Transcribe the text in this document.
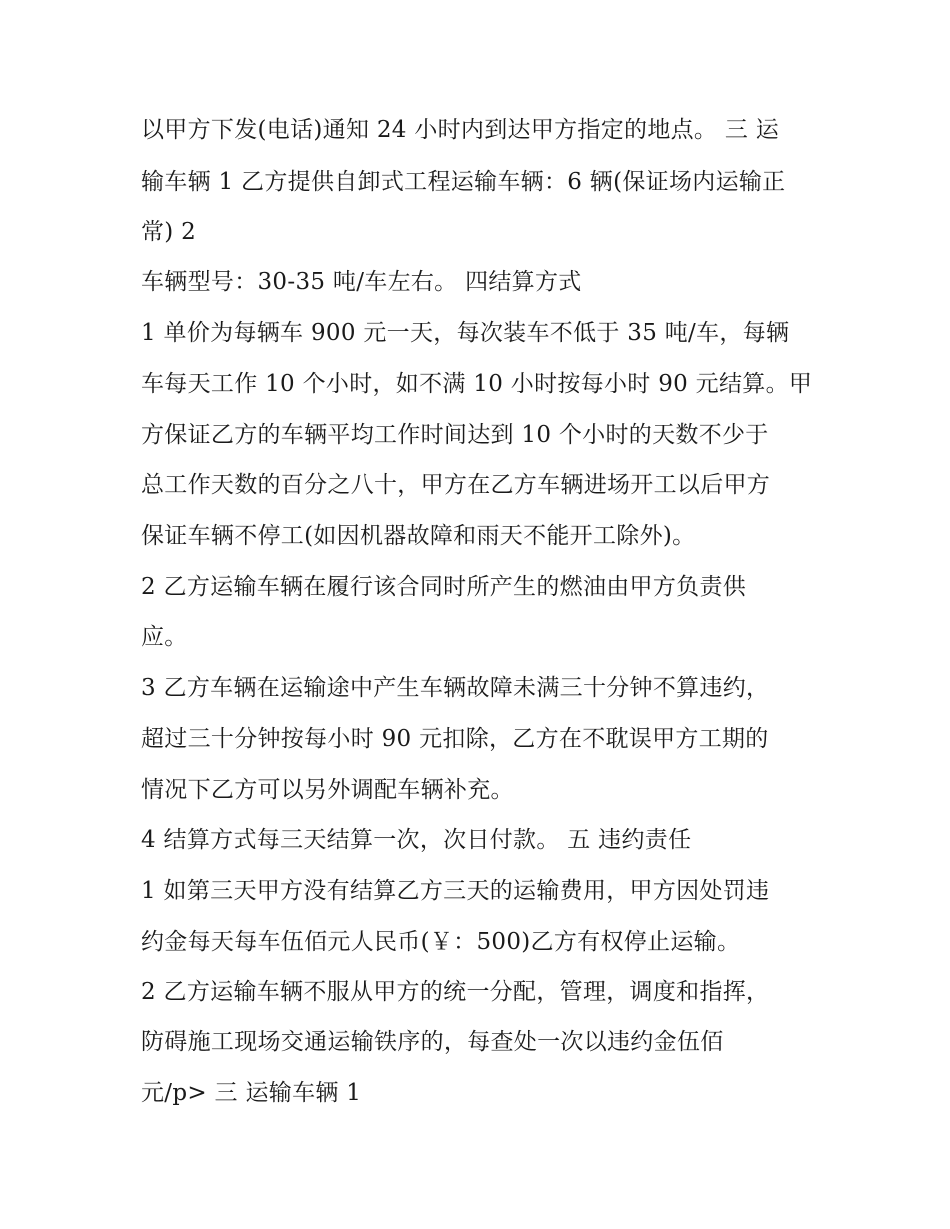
以甲方下发(电话)通知 24 小时内到达甲方指定的地点。 三 运

输车辆 1 乙方提供自卸式工程运输车辆：6 辆(保证场内运输正

常) 2

车辆型号：30-35 吨/车左右。 四结算方式

1 单价为每辆车 900 元一天，每次装车不低于 35 吨/车，每辆

车每天工作 10 个小时，如不满 10 小时按每小时 90 元结算。甲

方保证乙方的车辆平均工作时间达到 10 个小时的天数不少于

总工作天数的百分之八十，甲方在乙方车辆进场开工以后甲方

保证车辆不停工(如因机器故障和雨天不能开工除外)。

2 乙方运输车辆在履行该合同时所产生的燃油由甲方负责供

应。

3 乙方车辆在运输途中产生车辆故障未满三十分钟不算违约，

超过三十分钟按每小时 90 元扣除，乙方在不耽误甲方工期的

情况下乙方可以另外调配车辆补充。

4 结算方式每三天结算一次，次日付款。 五 违约责任

1 如第三天甲方没有结算乙方三天的运输费用，甲方因处罚违

约金每天每车伍佰元人民币(￥：500)乙方有权停止运输。

2 乙方运输车辆不服从甲方的统一分配，管理，调度和指挥，

防碍施工现场交通运输铁序的，每查处一次以违约金伍佰

元/p> 三 运输车辆 1
